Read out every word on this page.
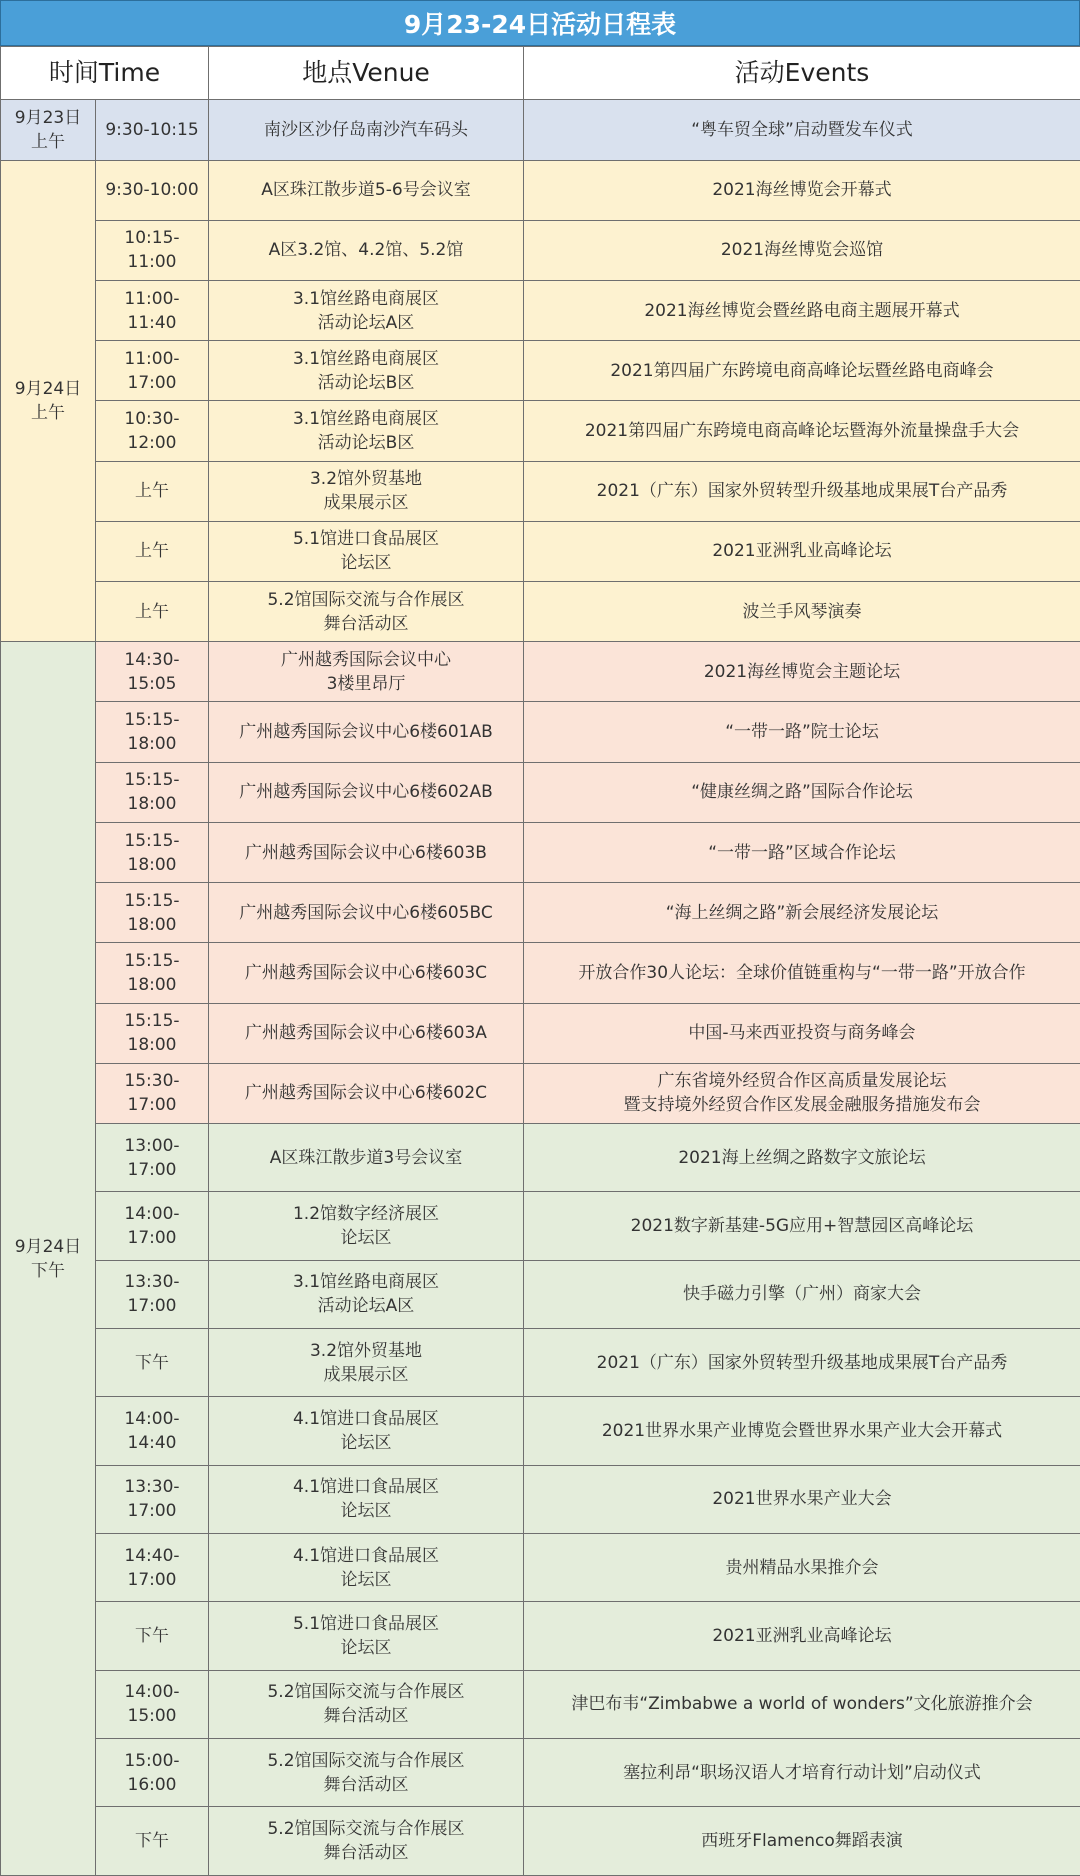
9月23-24日活动日程表
时间Time		地点Venue	活动Events

9月23日
上午	9:30-10:15	南沙区沙仔岛南沙汽车码头	“粤车贸全球”启动暨发车仪式

9月24日
上午	9:30-10:00	A区珠江散步道5-6号会议室	2021海丝博览会开幕式

	10:15-11:00	A区3.2馆、4.2馆、5.2馆	2021海丝博览会巡馆

	11:00-11:40	3.1馆丝路电商展区
活动论坛A区	2021海丝博览会暨丝路电商主题展开幕式

	11:00-17:00	3.1馆丝路电商展区
活动论坛B区	2021第四届广东跨境电商高峰论坛暨丝路电商峰会

	10:30-12:00	3.1馆丝路电商展区
活动论坛B区	2021第四届广东跨境电商高峰论坛暨海外流量操盘手大会

	上午	3.2馆外贸基地
成果展示区	2021（广东）国家外贸转型升级基地成果展T台产品秀

	上午	5.1馆进口食品展区
论坛区	2021亚洲乳业高峰论坛

	上午	5.2馆国际交流与合作展区
舞台活动区	波兰手风琴演奏

9月24日
下午	14:30-15:05	广州越秀国际会议中心
3楼里昂厅	2021海丝博览会主题论坛

	15:15-18:00	广州越秀国际会议中心6楼601AB	“一带一路”院士论坛

	15:15-18:00	广州越秀国际会议中心6楼602AB	“健康丝绸之路”国际合作论坛

	15:15-18:00	广州越秀国际会议中心6楼603B	“一带一路”区域合作论坛

	15:15-18:00	广州越秀国际会议中心6楼605BC	“海上丝绸之路”新会展经济发展论坛

	15:15-18:00	广州越秀国际会议中心6楼603C	开放合作30人论坛：全球价值链重构与“一带一路”开放合作

	15:15-18:00	广州越秀国际会议中心6楼603A	中国-马来西亚投资与商务峰会

	15:30-17:00	广州越秀国际会议中心6楼602C	广东省境外经贸合作区高质量发展论坛
暨支持境外经贸合作区发展金融服务措施发布会

	13:00-17:00	A区珠江散步道3号会议室	2021海上丝绸之路数字文旅论坛

	14:00-17:00	1.2馆数字经济展区
论坛区	2021数字新基建-5G应用+智慧园区高峰论坛

	13:30-17:00	3.1馆丝路电商展区
活动论坛A区	快手磁力引擎（广州）商家大会

	下午	3.2馆外贸基地
成果展示区	2021（广东）国家外贸转型升级基地成果展T台产品秀

	14:00-14:40	4.1馆进口食品展区
论坛区	2021世界水果产业博览会暨世界水果产业大会开幕式

	13:30-17:00	4.1馆进口食品展区
论坛区	2021世界水果产业大会

	14:40-17:00	4.1馆进口食品展区
论坛区	贵州精品水果推介会

	下午	5.1馆进口食品展区
论坛区	2021亚洲乳业高峰论坛

	14:00-15:00	5.2馆国际交流与合作展区
舞台活动区	津巴布韦“Zimbabwe a world of wonders”文化旅游推介会

	15:00-16:00	5.2馆国际交流与合作展区
舞台活动区	塞拉利昂“职场汉语人才培育行动计划”启动仪式

	下午	5.2馆国际交流与合作展区
舞台活动区	西班牙Flamenco舞蹈表演
